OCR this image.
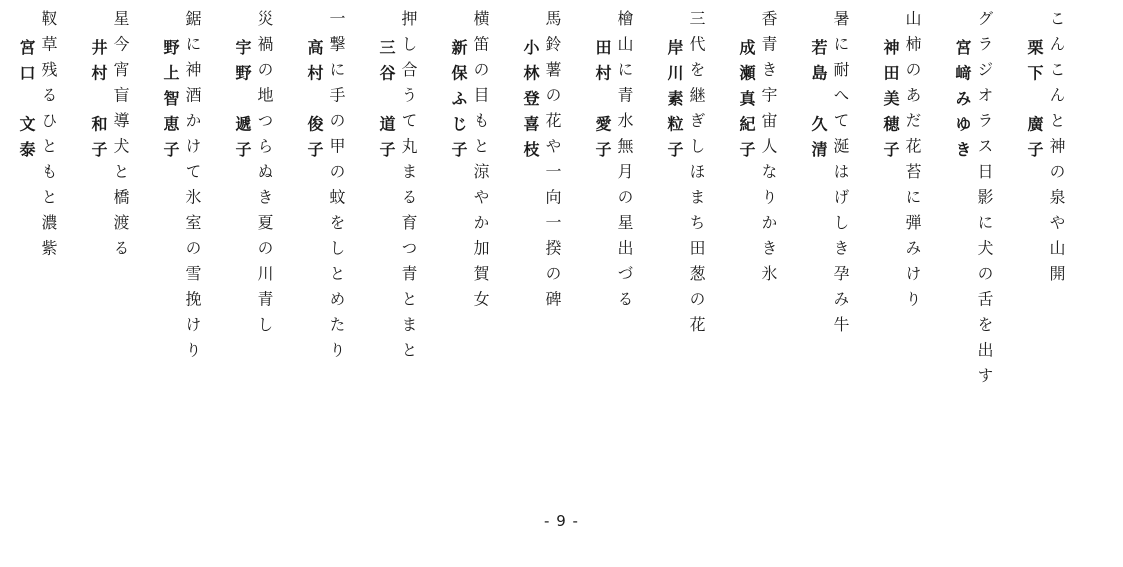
こんこんと神の泉や山開
栗下　廣子
グラジオラス日影に犬の舌を出す
宮﨑みゆき
山柿のあだ花苔に弾みけり
神田美穂子
暑に耐へて涎はげしき孕み牛
若島　久清
香青き宇宙人なりかき氷
成瀬真紀子
三代を継ぎしほまち田葱の花
岸川素粒子
檜山に青水無月の星出づる
田村　愛子
馬鈴薯の花や一向一揆の碑
小林登喜枝
横笛の目もと涼やか加賀女
新保ふじ子
押し合うて丸まる育つ青とまと
三谷　道子
一撃に手の甲の蚊をしとめたり
高村　俊子
災禍の地つらぬき夏の川青し
宇野　遞子
鋸に神酒かけて氷室の雪挽けり
野上智恵子
星今宵盲導犬と橋渡る
井村　和子
靫草残るひともと濃紫
宮口　文泰
- 9 -
